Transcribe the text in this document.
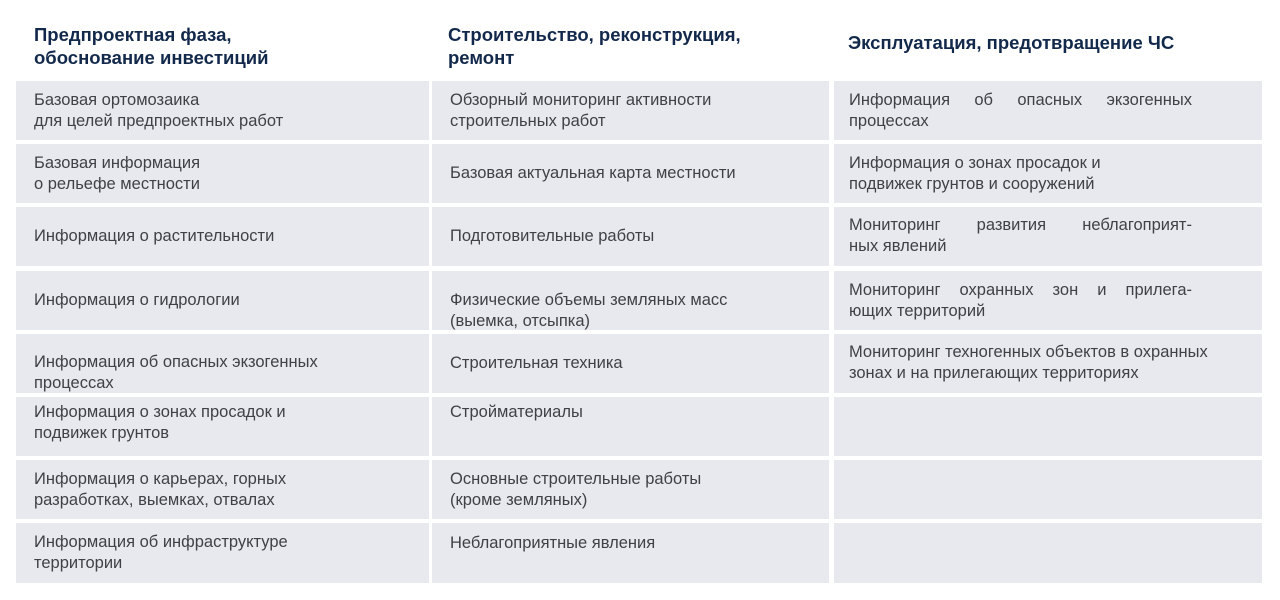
Предпроектная фаза,
обоснование инвестиций
Строительство, реконструкция,
ремонт
Эксплуатация, предотвращение ЧС
Базовая ортомозаика
для целей предпроектных работ
Обзорный мониторинг активности
строительных работ
Информация об опасных экзогенных
процессах
Базовая информация
о рельефе местности
Базовая актуальная карта местности
Информация о зонах просадок и
подвижек грунтов и сооружений
Информация о растительности	Подготовительные работы
Мониторинг развития неблагоприят-
ных явлений
Информация о гидрологии	Физические объемы земляных масс
(выемка, отсыпка)
Мониторинг охранных зон и прилега-
ющих территорий
Информация об опасных экзогенных
процессах
Строительная техника
Мониторинг техногенных объектов в охранных
зонах и на прилегающих территориях
Информация о зонах просадок и
подвижек грунтов
Стройматериалы
Информация о карьерах, горных
разработках, выемках, отвалах
Основные строительные работы
(кроме земляных)
Информация об инфраструктуре
территории
Неблагоприятные явления
